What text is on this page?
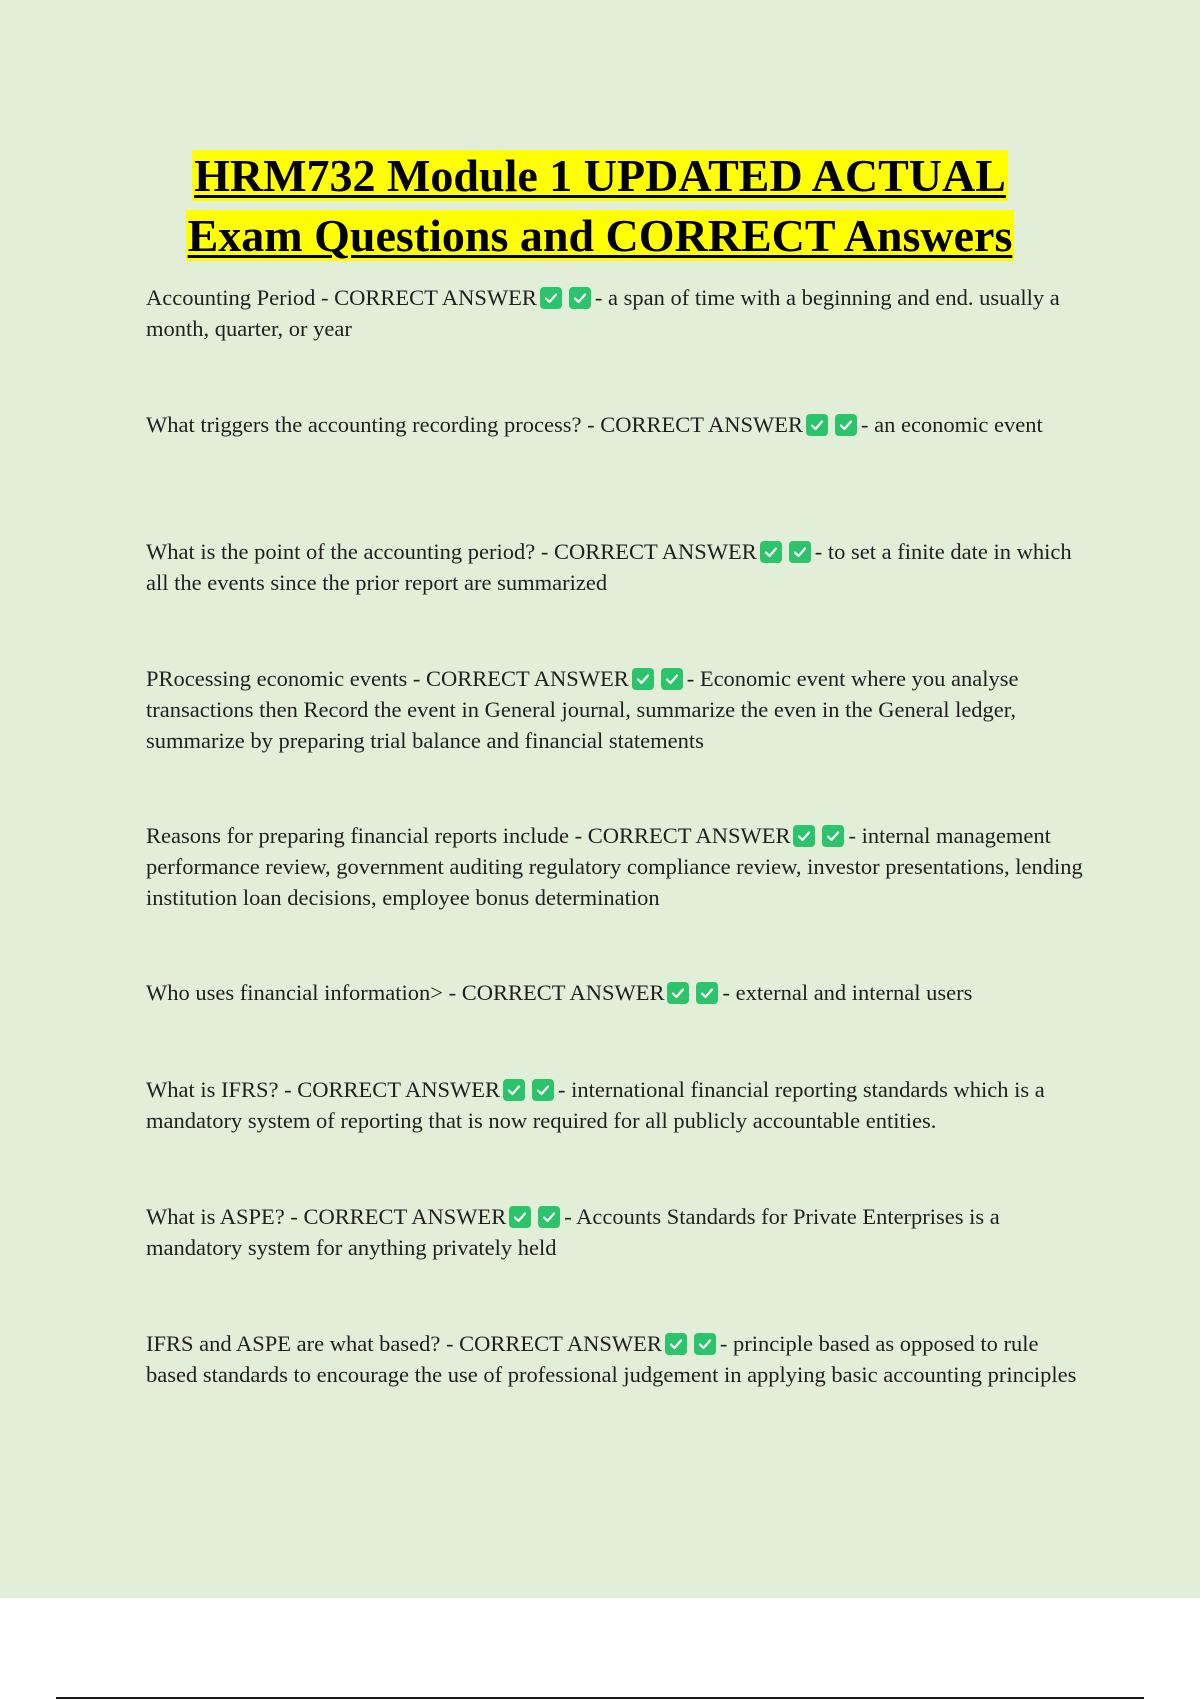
HRM732 Module 1 UPDATED ACTUAL
Exam Questions and CORRECT Answers

Accounting Period - CORRECT ANSWER	- a span of time with a beginning and end. usually a month, quarter, or year

What triggers the accounting recording process? - CORRECT ANSWER	- an economic event

What is the point of the accounting period? - CORRECT ANSWER	- to set a finite date in which all the events since the prior report are summarized

PRocessing economic events - CORRECT ANSWER	- Economic event where you analyse transactions then Record the event in General journal, summarize the even in the General ledger, summarize by preparing trial balance and financial statements

Reasons for preparing financial reports include - CORRECT ANSWER	- internal management performance review, government auditing regulatory compliance review, investor presentations, lending institution loan decisions, employee bonus determination

Who uses financial information> - CORRECT ANSWER	- external and internal users

What is IFRS? - CORRECT ANSWER	- international financial reporting standards which is a mandatory system of reporting that is now required for all publicly accountable entities.

What is ASPE? - CORRECT ANSWER	- Accounts Standards for Private Enterprises is a mandatory system for anything privately held

IFRS and ASPE are what based? - CORRECT ANSWER	- principle based as opposed to rule based standards to encourage the use of professional judgement in applying basic accounting principles
